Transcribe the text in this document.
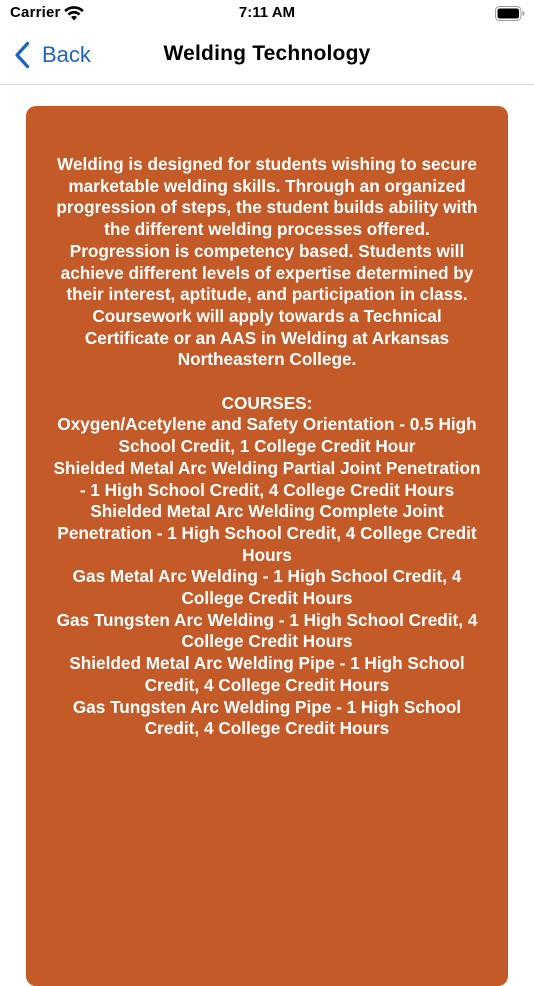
Carrier	7:11 AM
Back	Welding Technology

Welding is designed for students wishing to secure marketable welding skills. Through an organized progression of steps, the student builds ability with the different welding processes offered. Progression is competency based. Students will achieve different levels of expertise determined by their interest, aptitude, and participation in class. Coursework will apply towards a Technical Certificate or an AAS in Welding at Arkansas Northeastern College.

COURSES:

Oxygen/Acetylene and Safety Orientation - 0.5 High School Credit, 1 College Credit Hour

Shielded Metal Arc Welding Partial Joint Penetration - 1 High School Credit, 4 College Credit Hours

Shielded Metal Arc Welding Complete Joint Penetration - 1 High School Credit, 4 College Credit Hours

Gas Metal Arc Welding - 1 High School Credit, 4 College Credit Hours

Gas Tungsten Arc Welding - 1 High School Credit, 4 College Credit Hours

Shielded Metal Arc Welding Pipe - 1 High School Credit, 4 College Credit Hours

Gas Tungsten Arc Welding Pipe - 1 High School Credit, 4 College Credit Hours
